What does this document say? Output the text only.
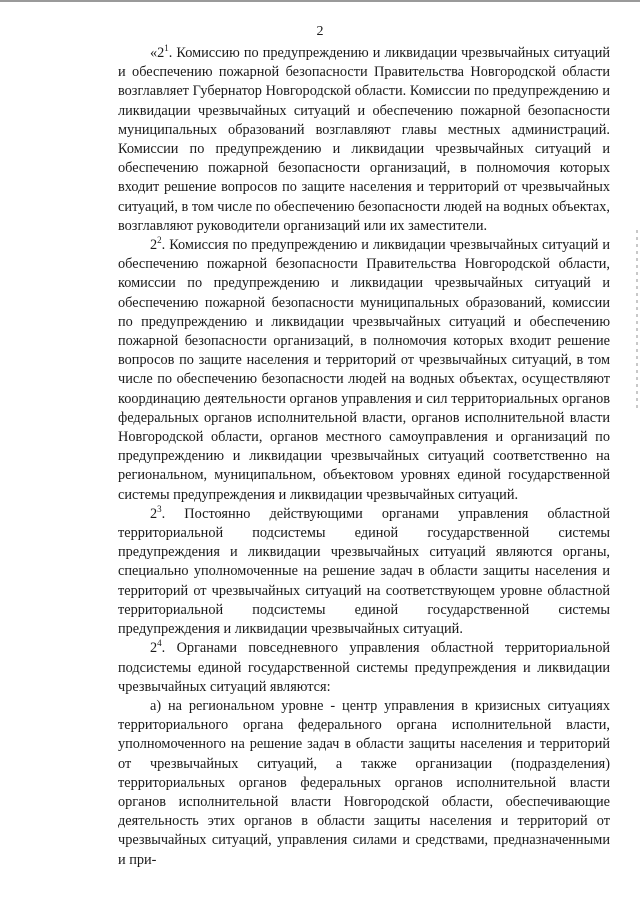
2

«$2^1$. Комиссию по предупреждению и ликвидации чрезвычайных ситуаций и обеспечению пожарной безопасности Правительства Новгородской области возглавляет Губернатор Новгородской области. Комиссии по предупреждению и ликвидации чрезвычайных ситуаций и обеспечению пожарной безопасности муниципальных образований возглавляют главы местных администраций. Комиссии по предупреждению и ликвидации чрезвычайных ситуаций и обеспечению пожарной безопасности организаций, в полномочия которых входит решение вопросов по защите населения и территорий от чрезвычайных ситуаций, в том числе по обеспечению безопасности людей на водных объектах, возглавляют руководители организаций или их заместители.

$2^2$. Комиссия по предупреждению и ликвидации чрезвычайных ситуаций и обеспечению пожарной безопасности Правительства Новгородской области, комиссии по предупреждению и ликвидации чрезвычайных ситуаций и обеспечению пожарной безопасности муниципальных образований, комиссии по предупреждению и ликвидации чрезвычайных ситуаций и обеспечению пожарной безопасности организаций, в полномочия которых входит решение вопросов по защите населения и территорий от чрезвычайных ситуаций, в том числе по обеспечению безопасности людей на водных объектах, осуществляют координацию деятельности органов управления и сил территориальных органов федеральных органов исполнительной власти, органов исполнительной власти Новгородской области, органов местного самоуправления и организаций по предупреждению и ликвидации чрезвычайных ситуаций соответственно на региональном, муниципальном, объектовом уровнях единой государственной системы предупреждения и ликвидации чрезвычайных ситуаций.

$2^3$. Постоянно действующими органами управления областной территориальной подсистемы единой государственной системы предупреждения и ликвидации чрезвычайных ситуаций являются органы, специально уполномоченные на решение задач в области защиты населения и территорий от чрезвычайных ситуаций на соответствующем уровне областной территориальной подсистемы единой государственной системы предупреждения и ликвидации чрезвычайных ситуаций.

$2^4$. Органами повседневного управления областной территориальной подсистемы единой государственной системы предупреждения и ликвидации чрезвычайных ситуаций являются:

а) на региональном уровне - центр управления в кризисных ситуациях территориального органа федерального органа исполнительной власти, уполномоченного на решение задач в области защиты населения и территорий от чрезвычайных ситуаций, а также организации (подразделения) территориальных органов федеральных органов исполнительной власти органов исполнительной власти Новгородской области, обеспечивающие деятельность этих органов в области защиты населения и территорий от чрезвычайных ситуаций, управления силами и средствами, предназначенными и при-
